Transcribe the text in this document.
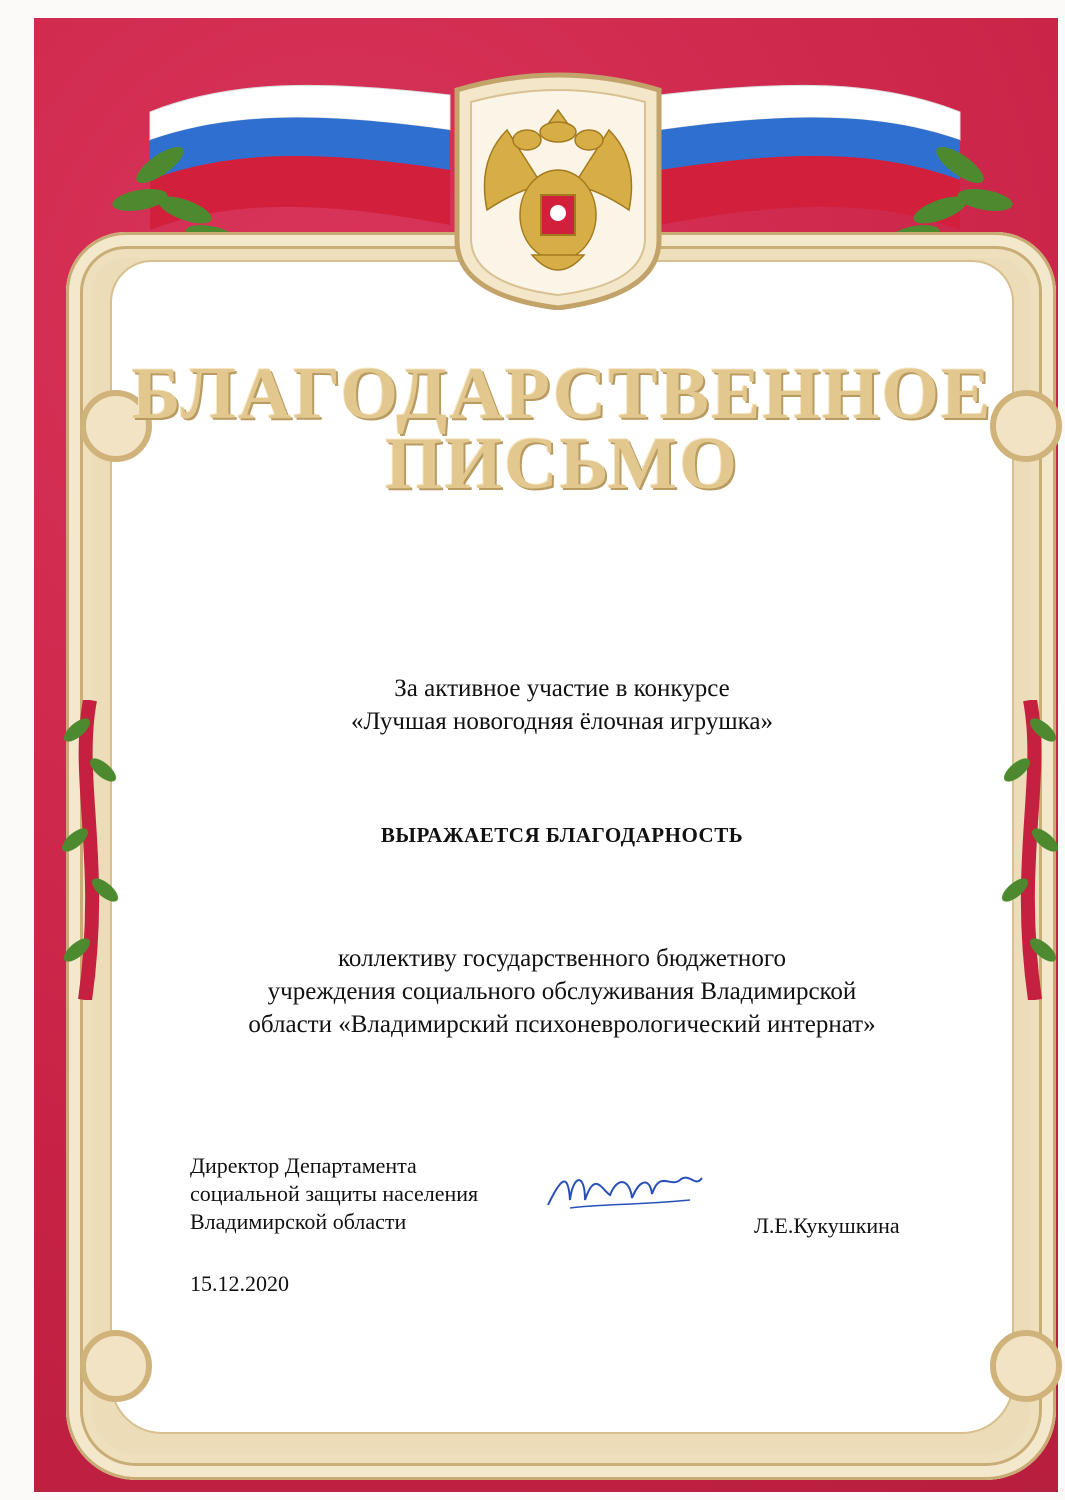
БЛАГОДАРСТВЕННОЕ
ПИСЬМО
За активное участие в конкурсе
«Лучшая новогодняя ёлочная игрушка»
ВЫРАЖАЕТСЯ БЛАГОДАРНОСТЬ
коллективу государственного бюджетного
учреждения социального обслуживания Владимирской
области «Владимирский психоневрологический интернат»
Директор Департамента
социальной защиты населения
Владимирской области	Л.Е.Кукушкина
15.12.2020
